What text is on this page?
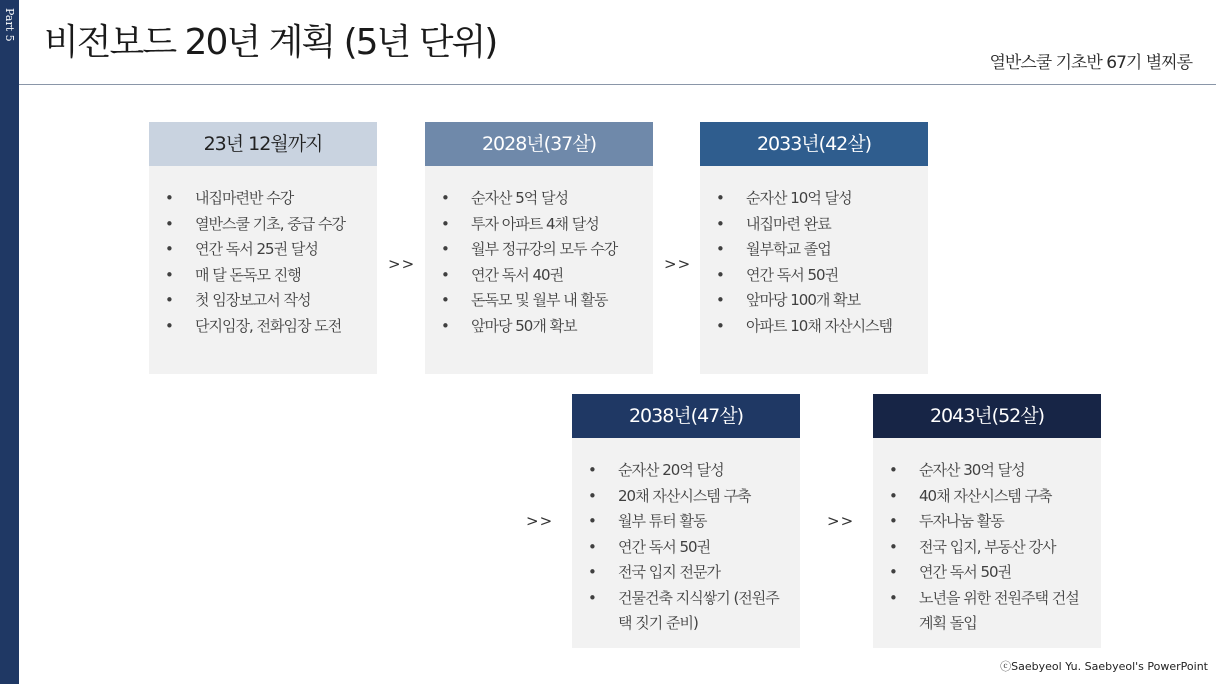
Part 5 비전보드 20년 계획 (5년 단위)	열반스쿨 기초반 67기 별찌롱
23년 12월까지
• 내집마련반 수강
• 열반스쿨 기초, 중급 수강
• 연간 독서 25권 달성
• 매 달 돈독모 진행
• 첫 임장보고서 작성
• 단지임장, 전화임장 도전
>>
2028년(37살)
• 순자산 5억 달성
• 투자 아파트 4채 달성
• 월부 정규강의 모두 수강
• 연간 독서 40권
• 돈독모 및 월부 내 활동
• 앞마당 50개 확보
>>
2033년(42살)
• 순자산 10억 달성
• 내집마련 완료
• 월부학교 졸업
• 연간 독서 50권
• 앞마당 100개 확보
• 아파트 10채 자산시스템
>>
2038년(47살)
• 순자산 20억 달성
• 20채 자산시스템 구축
• 월부 튜터 활동
• 연간 독서 50권
• 전국 입지 전문가
• 건물건축 지식쌓기 (전원주택 짓기 준비)
>>
2043년(52살)
• 순자산 30억 달성
• 40채 자산시스템 구축
• 두자나눔 활동
• 전국 입지, 부동산 강사
• 연간 독서 50권
• 노년을 위한 전원주택 건설계획 돌입
ⓒSaebyeol Yu. Saebyeol's PowerPoint
